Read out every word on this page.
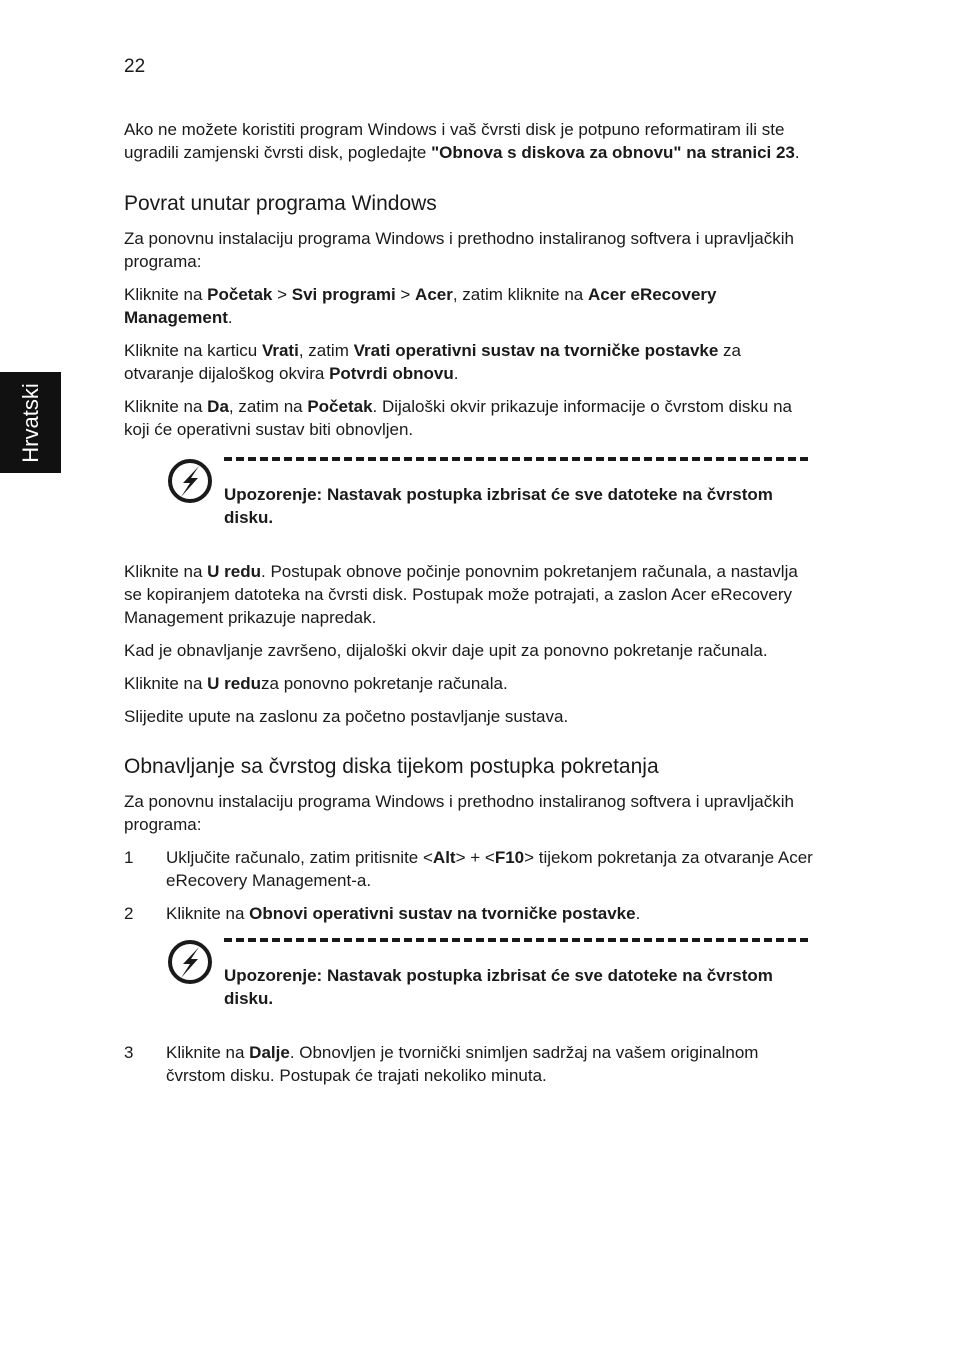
22
Hrvatski

Ako ne možete koristiti program Windows i vaš čvrsti disk je potpuno reformatiram ili ste ugradili zamjenski čvrsti disk, pogledajte "Obnova s diskova za obnovu" na stranici 23.

Povrat unutar programa Windows

Za ponovnu instalaciju programa Windows i prethodno instaliranog softvera i upravljačkih programa:

Kliknite na Početak > Svi programi > Acer, zatim kliknite na Acer eRecovery Management.

Kliknite na karticu Vrati, zatim Vrati operativni sustav na tvorničke postavke za otvaranje dijaloškog okvira Potvrdi obnovu.

Kliknite na Da, zatim na Početak. Dijaloški okvir prikazuje informacije o čvrstom disku na koji će operativni sustav biti obnovljen.

Upozorenje: Nastavak postupka izbrisat će sve datoteke na čvrstom disku.

Kliknite na U redu. Postupak obnove počinje ponovnim pokretanjem računala, a nastavlja se kopiranjem datoteka na čvrsti disk. Postupak može potrajati, a zaslon Acer eRecovery Management prikazuje napredak.

Kad je obnavljanje završeno, dijaloški okvir daje upit za ponovno pokretanje računala.

Kliknite na U reduza ponovno pokretanje računala.

Slijedite upute na zaslonu za početno postavljanje sustava.

Obnavljanje sa čvrstog diska tijekom postupka pokretanja

Za ponovnu instalaciju programa Windows i prethodno instaliranog softvera i upravljačkih programa:

1 Uključite računalo, zatim pritisnite <Alt> + <F10> tijekom pokretanja za otvaranje Acer eRecovery Management-a.
2 Kliknite na Obnovi operativni sustav na tvorničke postavke.
Upozorenje: Nastavak postupka izbrisat će sve datoteke na čvrstom disku.
3 Kliknite na Dalje. Obnovljen je tvornički snimljen sadržaj na vašem originalnom čvrstom disku. Postupak će trajati nekoliko minuta.
